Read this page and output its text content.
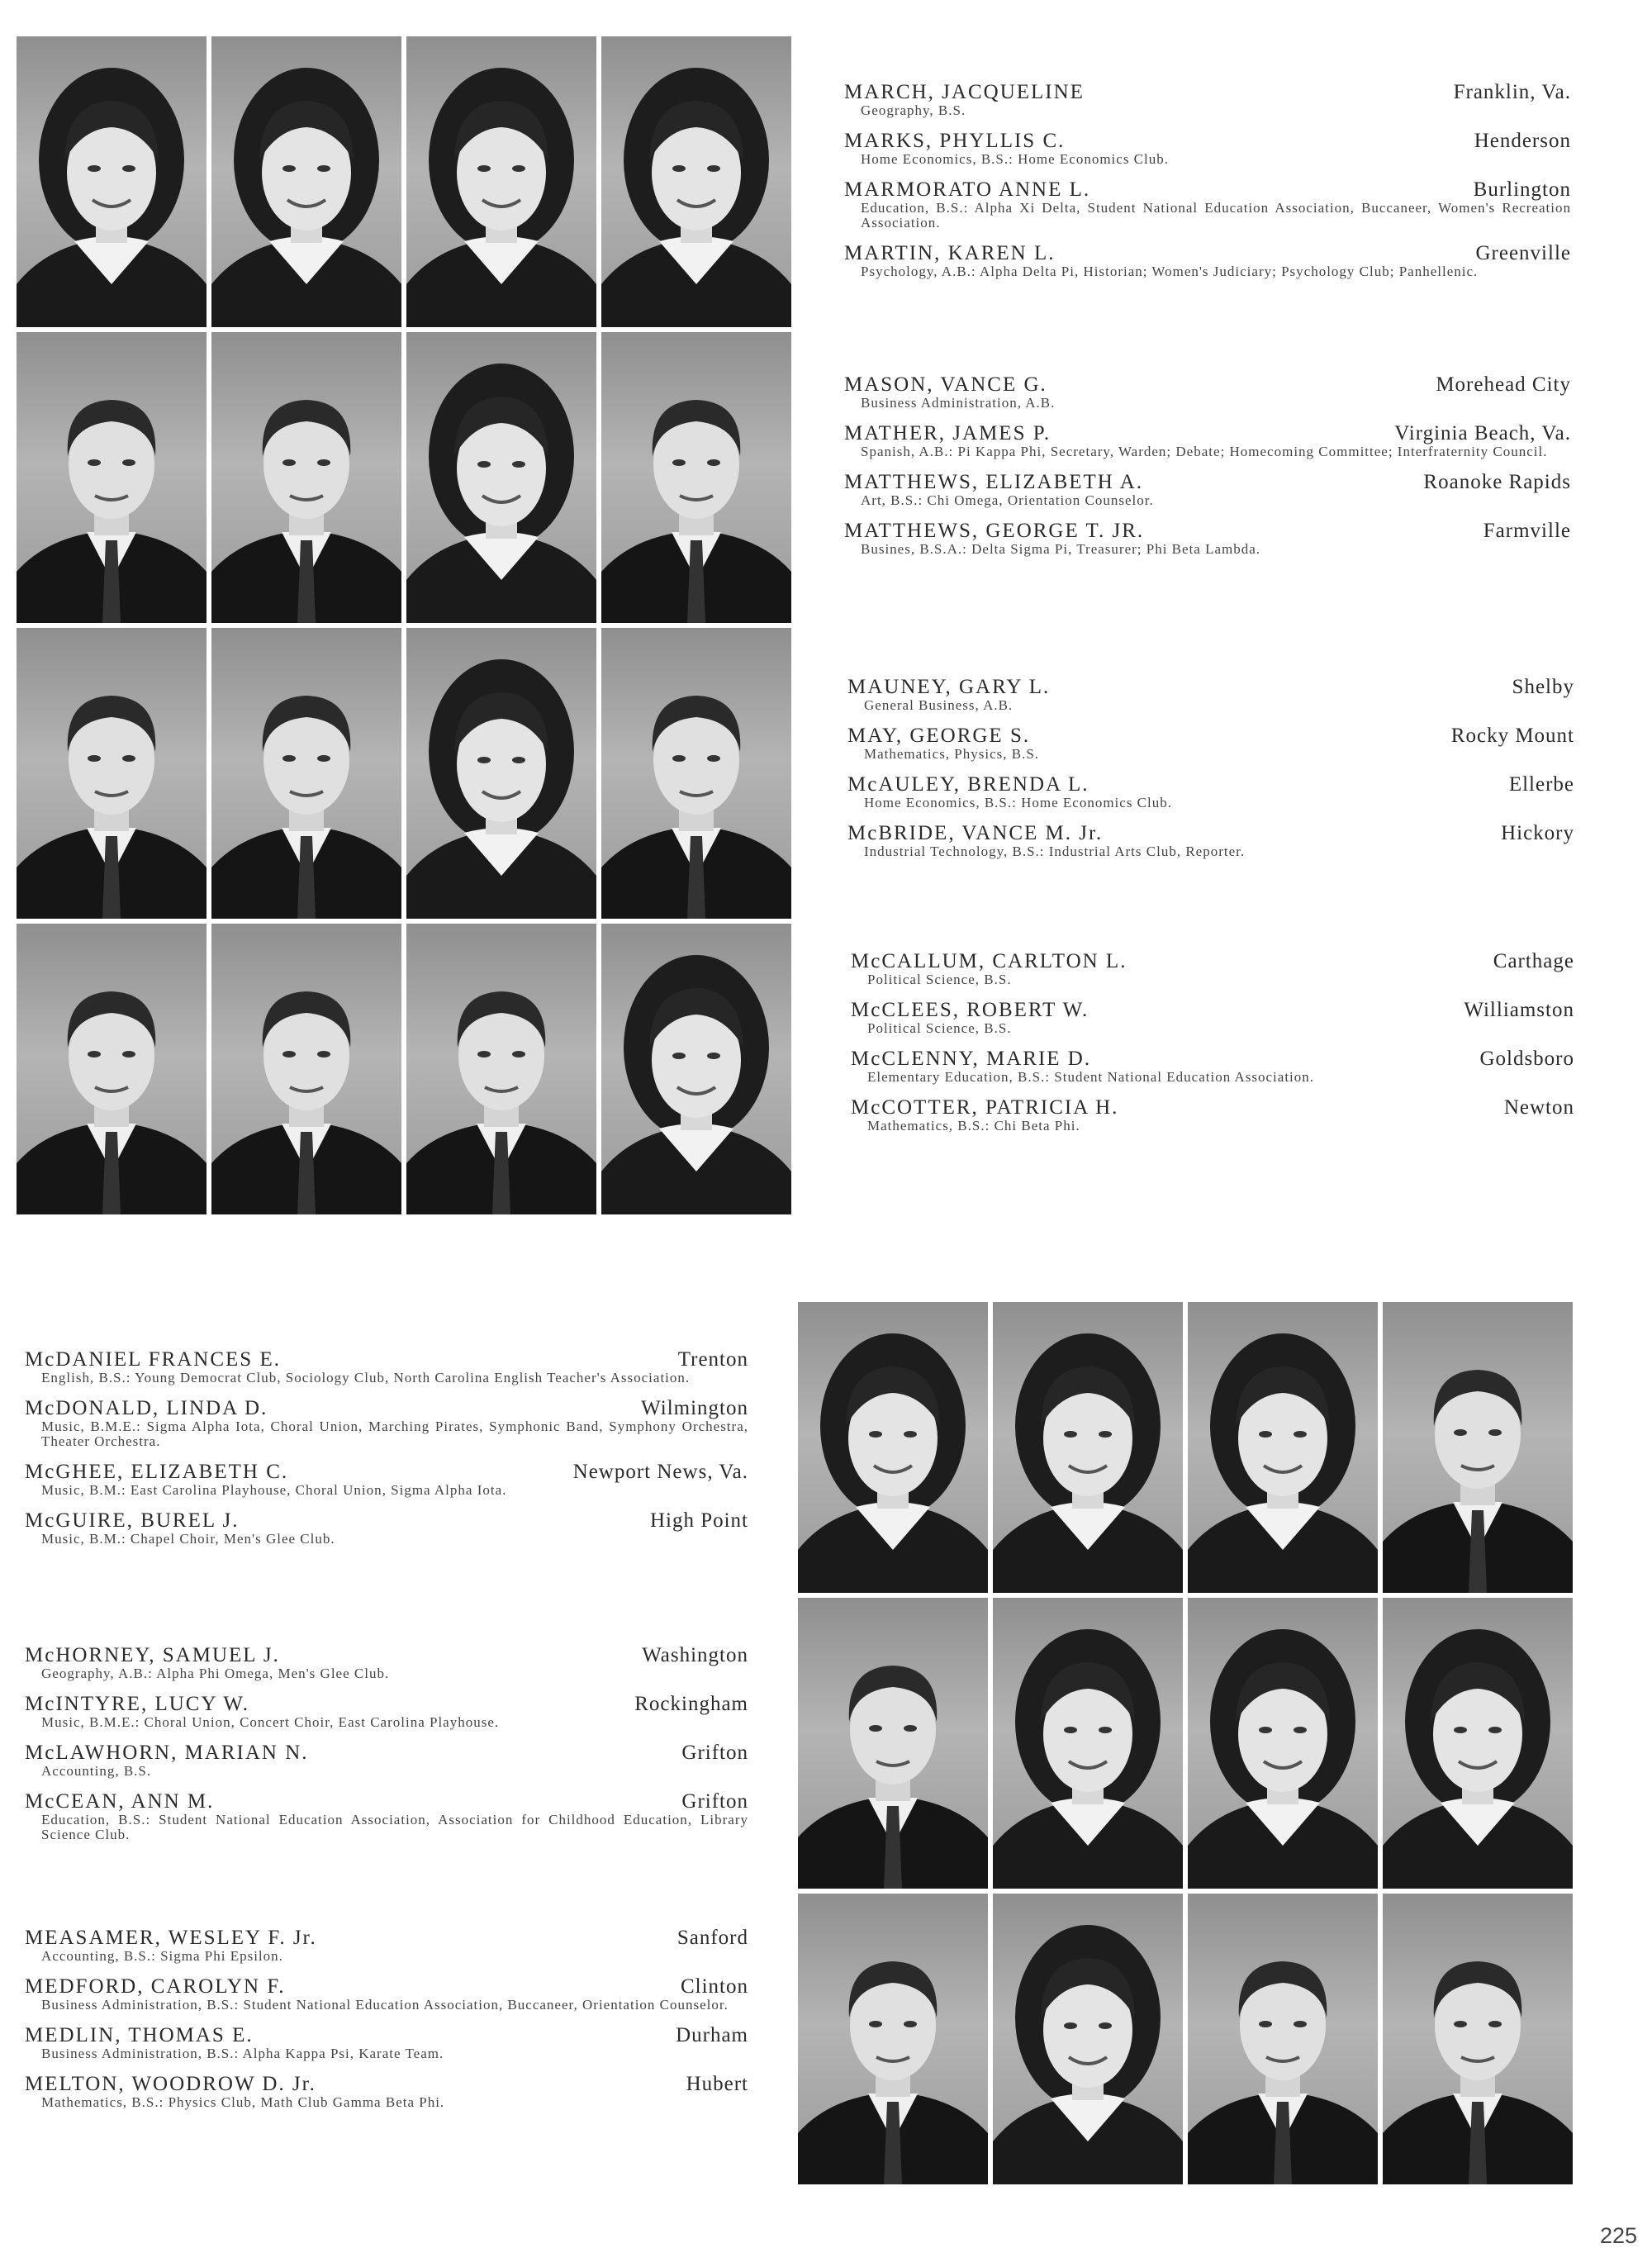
MARCH, JACQUELINE	Franklin, Va.
Geography, B.S.
MARKS, PHYLLIS C.	Henderson
Home Economics, B.S.: Home Economics Club.
MARMORATO ANNE L.	Burlington
Education, B.S.: Alpha Xi Delta, Student National Education Association, Buccaneer, Women's Recreation Association.
MARTIN, KAREN L.	Greenville
Psychology, A.B.: Alpha Delta Pi, Historian; Women's Judiciary; Psychology Club; Panhellenic.
MASON, VANCE G.	Morehead City
Business Administration, A.B.
MATHER, JAMES P.	Virginia Beach, Va.
Spanish, A.B.: Pi Kappa Phi, Secretary, Warden; Debate; Homecoming Committee; Interfraternity Council.
MATTHEWS, ELIZABETH A.	Roanoke Rapids
Art, B.S.: Chi Omega, Orientation Counselor.
MATTHEWS, GEORGE T. JR.	Farmville
Busines, B.S.A.: Delta Sigma Pi, Treasurer; Phi Beta Lambda.
MAUNEY, GARY L.	Shelby
General Business, A.B.
MAY, GEORGE S.	Rocky Mount
Mathematics, Physics, B.S.
McAULEY, BRENDA L.	Ellerbe
Home Economics, B.S.: Home Economics Club.
McBRIDE, VANCE M. Jr.	Hickory
Industrial Technology, B.S.: Industrial Arts Club, Reporter.
McCALLUM, CARLTON L.	Carthage
Political Science, B.S.
McCLEES, ROBERT W.	Williamston
Political Science, B.S.
McCLENNY, MARIE D.	Goldsboro
Elementary Education, B.S.: Student National Education Association.
McCOTTER, PATRICIA H.	Newton
Mathematics, B.S.: Chi Beta Phi.
McDANIEL FRANCES E.	Trenton
English, B.S.: Young Democrat Club, Sociology Club, North Carolina English Teacher's Association.
McDONALD, LINDA D.	Wilmington
Music, B.M.E.: Sigma Alpha Iota, Choral Union, Marching Pirates, Symphonic Band, Symphony Orchestra, Theater Orchestra.
McGHEE, ELIZABETH C.	Newport News, Va.
Music, B.M.: East Carolina Playhouse, Choral Union, Sigma Alpha Iota.
McGUIRE, BUREL J.	High Point
Music, B.M.: Chapel Choir, Men's Glee Club.
McHORNEY, SAMUEL J.	Washington
Geography, A.B.: Alpha Phi Omega, Men's Glee Club.
McINTYRE, LUCY W.	Rockingham
Music, B.M.E.: Choral Union, Concert Choir, East Carolina Playhouse.
McLAWHORN, MARIAN N.	Grifton
Accounting, B.S.
McCEAN, ANN M.	Grifton
Education, B.S.: Student National Education Association, Association for Childhood Education, Library Science Club.
MEASAMER, WESLEY F. Jr.	Sanford
Accounting, B.S.: Sigma Phi Epsilon.
MEDFORD, CAROLYN F.	Clinton
Business Administration, B.S.: Student National Education Association, Buccaneer, Orientation Counselor.
MEDLIN, THOMAS E.	Durham
Business Administration, B.S.: Alpha Kappa Psi, Karate Team.
MELTON, WOODROW D. Jr.	Hubert
Mathematics, B.S.: Physics Club, Math Club Gamma Beta Phi.
225
